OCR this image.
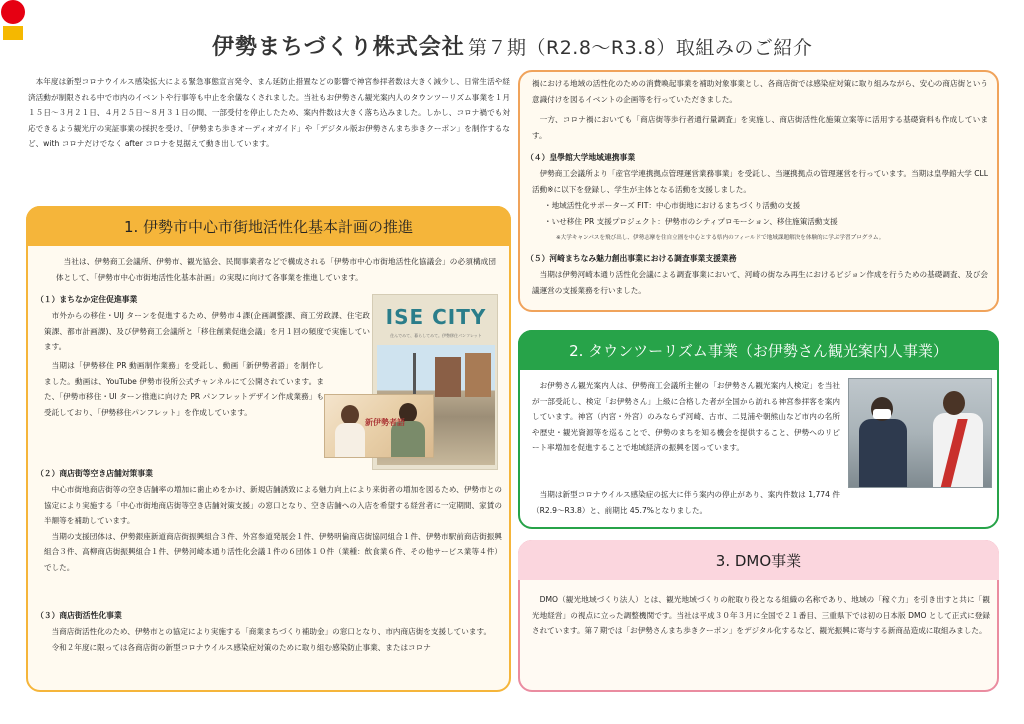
伊勢まちづくり株式会社 第７期（R2.8〜R3.8）取組みのご紹介
本年度は新型コロナウイルス感染拡大による緊急事態宣言発令、まん延防止措置などの影響で神宮参拝者数は大きく減少し、日常生活や経済活動が制限される中で市内のイベントや行事等も中止を余儀なくされました。当社もお伊勢さん観光案内人のタウンツーリズム事業を１月１５日〜３月２１日、４月２５日〜８月３１日の間、一部受付を停止したため、案内件数は大きく落ち込みました。しかし、コロナ禍でも対応できるよう観光庁の実証事業の採択を受け、「伊勢まち歩きオーディオガイド」や「デジタル版お伊勢さんまち歩きクーポン」を制作するなど、with コロナだけでなく after コロナを見据えて動き出しています。
1. 伊勢市中心市街地活性化基本計画の推進
当社は、伊勢商工会議所、伊勢市、観光協会、民間事業者などで構成される「伊勢市中心市街地活性化協議会」の必須構成団体として、「伊勢市中心市街地活性化基本計画」の実現に向けて各事業を推進しています。
（１）まちなか定住促進事業
市外からの移住・UIJ ターンを促進するため、伊勢市４課(企画調整課、商工労政課、住宅政策課、都市計画課)、及び伊勢商工会議所と「移住創業促進会議」を月１回の頻度で実施しています。
当期は「伊勢移住 PR 動画制作業務」を受託し、動画「新伊勢者語」を制作しました。動画は、YouTube 伊勢市役所公式チャンネルにて公開されています。また、「伊勢市移住・UI ターン推進に向けた PR パンフレットデザイン作成業務」も受託しており、「伊勢移住パンフレット」を作成しています。
ISE CITY
住んでみて、暮らしてみて。伊勢移住パンフレット
新伊勢者語
（２）商店街等空き店舗対策事業
中心市街地商店街等の空き店舗率の増加に歯止めをかけ、新規店舗誘致による魅力向上により来街者の増加を図るため、伊勢市との協定により実施する「中心市街地商店街等空き店舗対策支援」の窓口となり、空き店舗への入店を希望する経営者に一定期間、家賃の半額等を補助しています。
当期の支援団体は、伊勢銀座新道商店街振興組合３件、外宮参道発展会１件、伊勢明倫商店街協同組合１件、伊勢市駅前商店街振興組合３件、高柳商店街振興組合１件、伊勢河崎本通り活性化会議１件の６団体１０件（業種：飲食業６件、その他サービス業等４件）でした。
（３）商店街活性化事業
当商店街活性化のため、伊勢市との協定により実施する「商業まちづくり補助金」の窓口となり、市内商店街を支援しています。
令和２年度に限っては各商店街の新型コロナウイルス感染症対策のために取り組む感染防止事業、またはコロナ
禍における地域の活性化のための消費喚起事業を補助対象事業とし、各商店街では感染症対策に取り組みながら、安心の商店街という意識付けを図るイベントの企画等を行っていただきました。
一方、コロナ禍においても「商店街等歩行者通行量調査」を実施し、商店街活性化施策立案等に活用する基礎資料も作成しています。
（４）皇學館大学地域連携事業
伊勢商工会議所より「産官学連携拠点管理運営業務事業」を受託し、当運携拠点の管理運営を行っています。当期は皇學館大学 CLL 活動※に以下を登録し、学生が主体となる活動を支援しました。
・地域活性化サポーターズ FIT：中心市街地におけるまちづくり活動の支援
・いせ移住 PR 支援プロジェクト：伊勢市のシティプロモーション、移住施策活動支援
※大学キャンパスを飛び出し、伊勢志摩を住自立圏を中心とする県内のフィールドで地域課題解決を体験的に学ぶ学習プログラム。
（５）河崎まちなみ魅力創出事業における調査事業支援業務
当期は伊勢河崎本通り活性化会議による調査事業において、河崎の街なみ再生におけるビジョン作成を行うための基礎調査、及び会議運営の支援業務を行いました。
2. タウンツーリズム事業（お伊勢さん観光案内人事業）
お伊勢さん観光案内人は、伊勢商工会議所主催の「お伊勢さん観光案内人検定」を当社が一部受託し、検定「お伊勢さん」上級に合格した者が全国から訪れる神宮参拝客を案内しています。神宮（内宮・外宮）のみならず河崎、古市、二見浦や朝熊山など市内の名所や歴史・観光資源等を巡ることで、伊勢のまちを知る機会を提供すること、伊勢へのリピート率増加を促進することで地域経済の振興を図っています。
当期は新型コロナウイルス感染症の拡大に伴う案内の停止があり、案内件数は 1,774 件（R2.9〜R3.8）と、前期比 45.7%となりました。
3. DMO事業
DMO（観光地域づくり法人）とは、観光地域づくりの舵取り役となる組織の名称であり、地域の「稼ぐ力」を引き出すと共に「観光地経営」の視点に立った調整機関です。当社は平成３０年３月に全国で２１番目、三重県下では初の日本版 DMO として正式に登録されています。第７期では「お伊勢さんまち歩きクーポン」をデジタル化するなど、観光振興に寄与する新商品造成に取組みました。
